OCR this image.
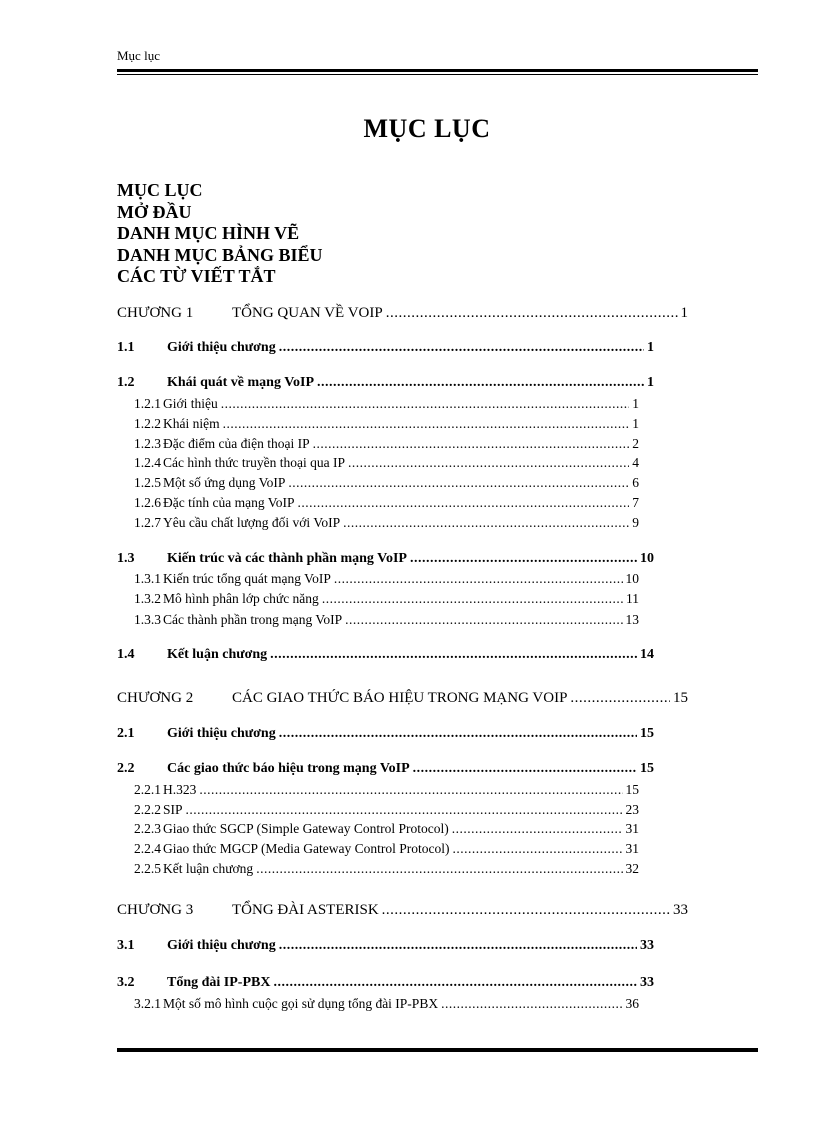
Mục lục
MỤC LỤC
MỤC LỤC
MỞ ĐẦU
DANH MỤC HÌNH VẼ
DANH MỤC BẢNG BIỂU
CÁC TỪ VIẾT TẮT
CHƯƠNG 1	TỔNG QUAN VỀ VOIP .....	1
1.1	Giới thiệu chương .....	1
1.2	Khái quát về mạng VoIP .....	1
1.2.1 Giới thiệu .....	1
1.2.2 Khái niệm .....	1
1.2.3 Đặc điểm của điện thoại IP .....	2
1.2.4 Các hình thức truyền thoại qua IP .....	4
1.2.5 Một số ứng dụng VoIP .....	6
1.2.6 Đặc tính của mạng VoIP .....	7
1.2.7 Yêu cầu chất lượng đối với VoIP .....	9
1.3	Kiến trúc và các thành phần mạng VoIP .....	10
1.3.1 Kiến trúc tổng quát mạng VoIP .....	10
1.3.2 Mô hình phân lớp chức năng .....	11
1.3.3 Các thành phần trong mạng VoIP .....	13
1.4	Kết luận chương .....	14
CHƯƠNG 2	CÁC GIAO THỨC BÁO HIỆU TRONG MẠNG VOIP .....	15
2.1	Giới thiệu chương .....	15
2.2	Các giao thức báo hiệu trong mạng VoIP .....	15
2.2.1 H.323 .....	15
2.2.2 SIP .....	23
2.2.3 Giao thức SGCP (Simple Gateway Control Protocol) .....	31
2.2.4 Giao thức MGCP (Media Gateway Control Protocol) .....	31
2.2.5 Kết luận chương .....	32
CHƯƠNG 3	TỔNG ĐÀI ASTERISK .....	33
3.1	Giới thiệu chương .....	33
3.2	Tổng đài IP-PBX .....	33
3.2.1 Một số mô hình cuộc gọi sử dụng tổng đài IP-PBX .....	36
